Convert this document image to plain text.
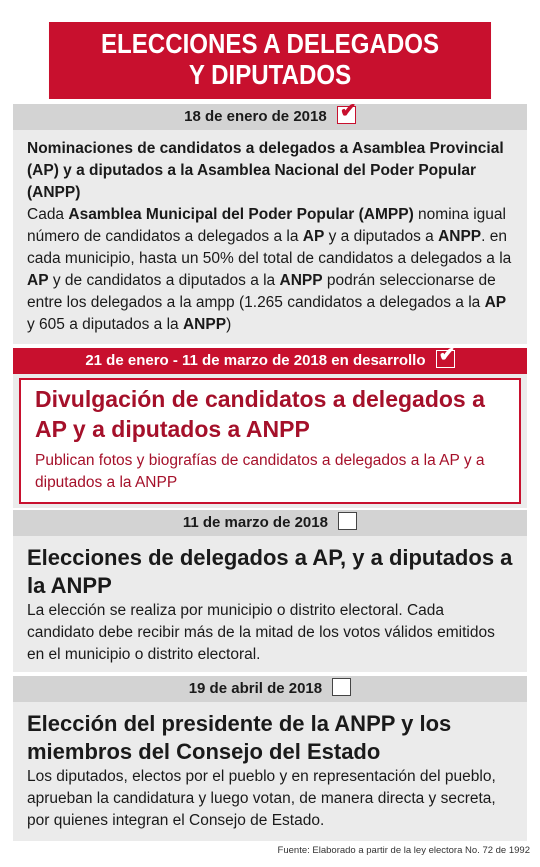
ELECCIONES A DELEGADOS
Y DIPUTADOS
18 de enero de 2018 ✔
Nominaciones de candidatos a delegados a Asamblea Provincial (AP) y a diputados a la Asamblea Nacional del Poder Popular (ANPP)
Cada Asamblea Municipal del Poder Popular (AMPP) nomina igual número de candidatos a delegados a la AP y a diputados a ANPP. en cada municipio, hasta un 50% del total de candidatos a delegados a la AP y de candidatos a diputados a la ANPP podrán seleccionarse de entre los delegados a la ampp (1.265 candidatos a delegados a la AP y 605 a diputados a la ANPP)
21 de enero - 11 de marzo de 2018 en desarrollo ✔
Divulgación de candidatos a delegados a AP y a diputados a ANPP
Publican fotos y biografías de candidatos a delegados a la AP y a diputados a la ANPP
11 de marzo de 2018
Elecciones de delegados a AP, y a diputados a la ANPP
La elección se realiza por municipio o distrito electoral. Cada candidato debe recibir más de la mitad de los votos válidos emitidos en el municipio o distrito electoral.
19 de abril de 2018
Elección del presidente de la ANPP y los miembros del Consejo del Estado
Los diputados, electos por el pueblo y en representación del pueblo, aprueban la candidatura y luego votan, de manera directa y secreta, por quienes integran el Consejo de Estado.
Fuente: Elaborado a partir de la ley electora No. 72 de 1992
